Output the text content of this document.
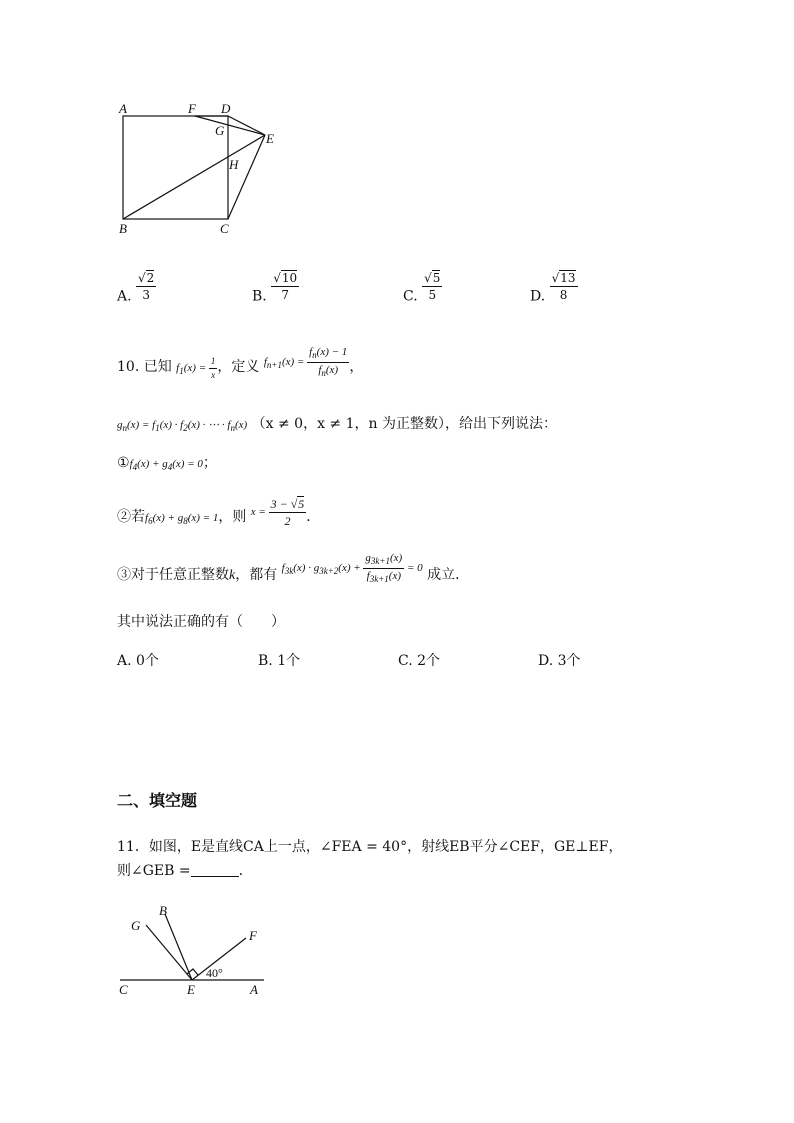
A	F D
G
E
H
B	C
A. $\frac{√2}{3}$	B. $\frac{√10}{7}$	C. $\frac{√5}{5}$	D. $\frac{√13}{8}$
10. 已知 $_{f_1(x) = \frac{1}{x}}$ ，定义 $f_{n+1}(x) = \frac{f_n(x) - 1}{f_n(x)}$ ，
$g_n(x) = f_1(x) \cdot f_2(x)$ · ⋯ · $f_n(x) (x \ne 0$，x ≠ 1，n 为正整数），给出下列说法：
$①f_4(x) + g_4(x) = 0$；
②若$_{f_6(x) + g_8(x) = 1}$，则 $x = \frac{3 - √5}{2}$ ．
③对于任意正整数k，都有 $f_{3k}(x) \cdot g_{3k+2}(x) + \frac{g_{3k+1}(x)}{f_{3k+1}(x)} = 0$ 成立．
其中说法正确的有（　　）
A. 0个	B. 1个	C. 2个	D. 3个
二、填空题
11．如图，E是直线CA上一点，∠FEA = 40°，射线EB平分∠CEF，GE⊥EF，
则∠GEB =	．
G
B
F
C	E	A
40°
